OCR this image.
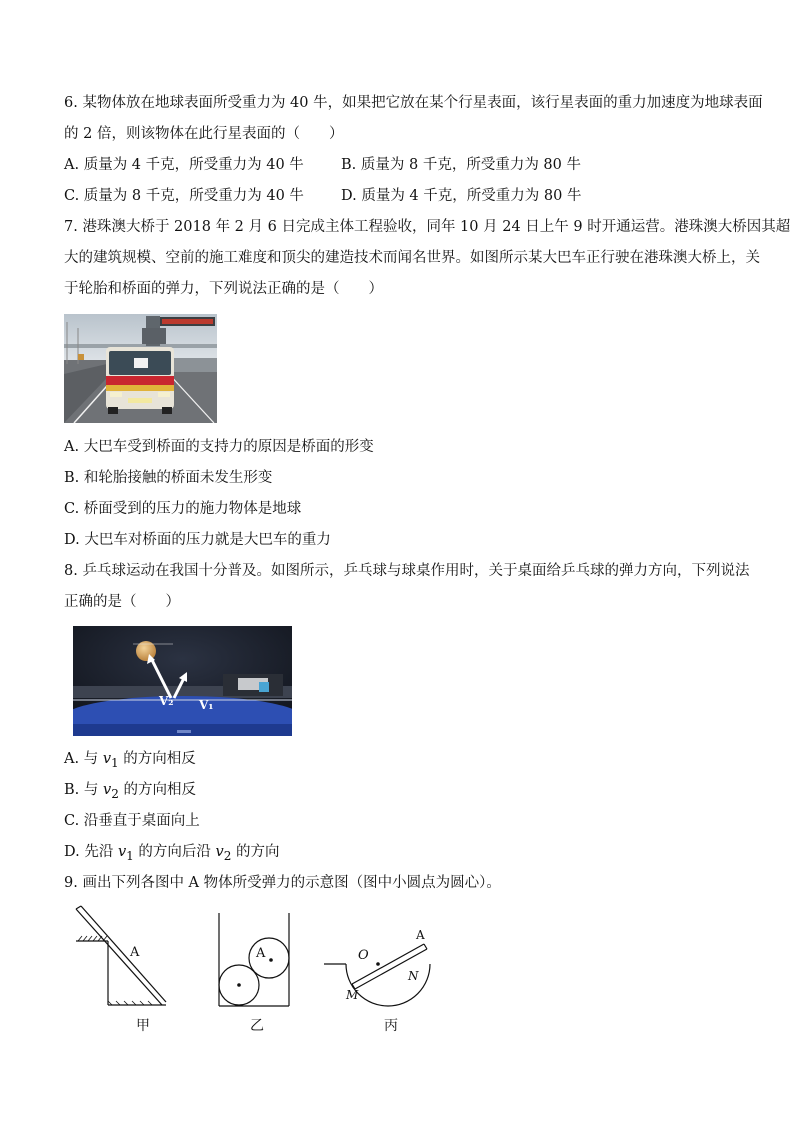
6. 某物体放在地球表面所受重力为 40 牛，如果把它放在某个行星表面，该行星表面的重力加速度为地球表面
的 2 倍，则该物体在此行星表面的（　　）
A. 质量为 4 千克，所受重力为 40 牛	B. 质量为 8 千克，所受重力为 80 牛
C. 质量为 8 千克，所受重力为 40 牛	D. 质量为 4 千克，所受重力为 80 牛
7. 港珠澳大桥于 2018 年 2 月 6 日完成主体工程验收，同年 10 月 24 日上午 9 时开通运营。港珠澳大桥因其超
大的建筑规模、空前的施工难度和顶尖的建造技术而闻名世界。如图所示某大巴车正行驶在港珠澳大桥上，关
于轮胎和桥面的弹力，下列说法正确的是（　　）
A. 大巴车受到桥面的支持力的原因是桥面的形变
B. 和轮胎接触的桥面未发生形变
C. 桥面受到的压力的施力物体是地球
D. 大巴车对桥面的压力就是大巴车的重力
8. 乒乓球运动在我国十分普及。如图所示，乒乓球与球桌作用时，关于桌面给乒乓球的弹力方向，下列说法
正确的是（　　）
V₂ V₁
A. 与 $v_1$ 的方向相反
B. 与 $v_2$ 的方向相反
C. 沿垂直于桌面向上
D. 先沿 $v_1$ 的方向后沿 $v_2$ 的方向
9. 画出下列各图中 A 物体所受弹力的示意图（图中小圆点为圆心）。
A
甲
A
乙
O
A
N
M
丙
